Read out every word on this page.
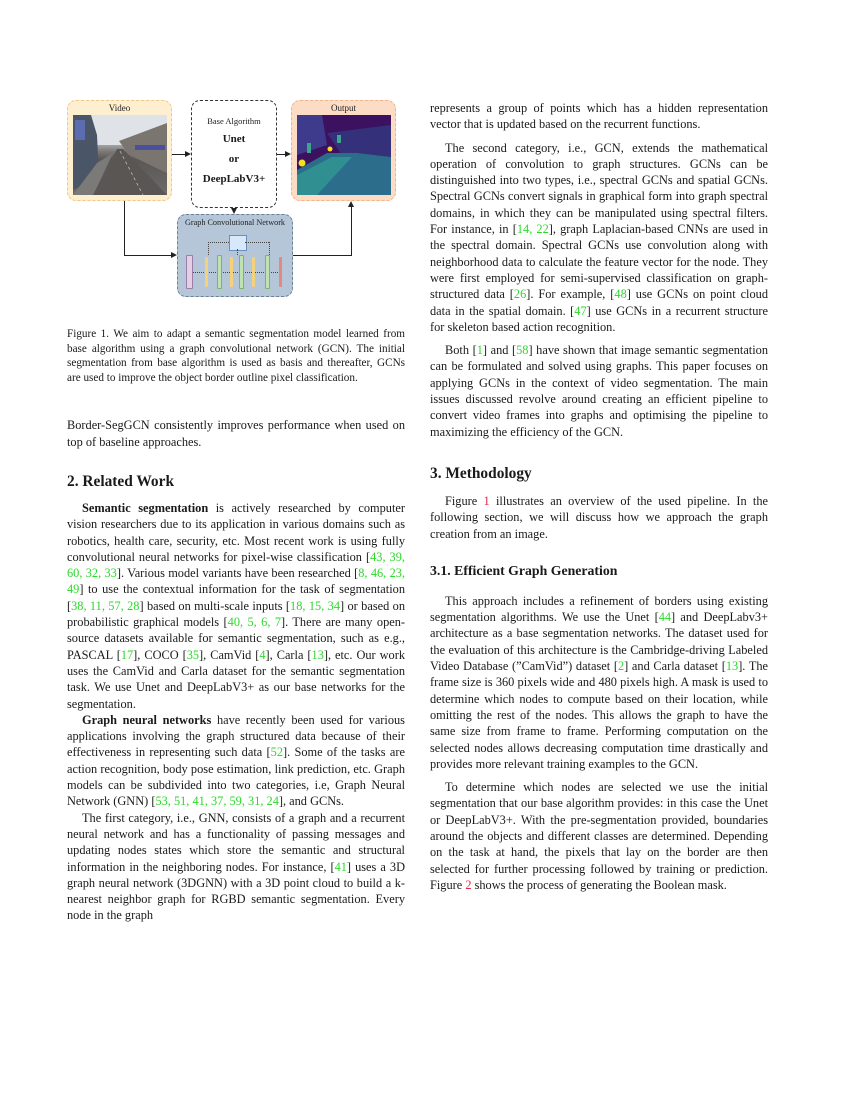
Video
Base Algorithm
Unet
or
DeepLabV3+
Output
Graph Convolutional Network

Figure 1. We aim to adapt a semantic segmentation model learned from base algorithm using a graph convolutional network (GCN). The initial segmentation from base algorithm is used as basis and thereafter, GCNs are used to improve the object border outline pixel classification.

Border-SegGCN consistently improves performance when used on top of baseline approaches.

2. Related Work

Semantic segmentation is actively researched by computer vision researchers due to its application in various domains such as robotics, health care, security, etc. Most recent work is using fully convolutional neural networks for pixel-wise classification [43, 39, 60, 32, 33]. Various model variants have been researched [8, 46, 23, 49] to use the contextual information for the task of segmentation [38, 11, 57, 28] based on multi-scale inputs [18, 15, 34] or based on probabilistic graphical models [40, 5, 6, 7]. There are many open-source datasets available for semantic segmentation, such as e.g., PASCAL [17], COCO [35], CamVid [4], Carla [13], etc. Our work uses the CamVid and Carla dataset for the semantic segmentation task. We use Unet and DeepLabV3+ as our base networks for the segmentation.

Graph neural networks have recently been used for various applications involving the graph structured data because of their effectiveness in representing such data [52]. Some of the tasks are action recognition, body pose estimation, link prediction, etc. Graph models can be subdivided into two categories, i.e, Graph Neural Network (GNN) [53, 51, 41, 37, 59, 31, 24], and GCNs.

The first category, i.e., GNN, consists of a graph and a recurrent neural network and has a functionality of passing messages and updating nodes states which store the semantic and structural information in the neighboring nodes. For instance, [41] uses a 3D graph neural network (3DGNN) with a 3D point cloud to build a k-nearest neighbor graph for RGBD semantic segmentation. Every node in the graph

represents a group of points which has a hidden representation vector that is updated based on the recurrent functions.

The second category, i.e., GCN, extends the mathematical operation of convolution to graph structures. GCNs can be distinguished into two types, i.e., spectral GCNs and spatial GCNs. Spectral GCNs convert signals in graphical form into graph spectral domains, in which they can be manipulated using spectral filters. For instance, in [14, 22], graph Laplacian-based CNNs are used in the spectral domain. Spectral GCNs use convolution along with neighborhood data to calculate the feature vector for the node. They were first employed for semi-supervised classification on graph-structured data [26]. For example, [48] use GCNs on point cloud data in the spatial domain. [47] use GCNs in a recurrent structure for skeleton based action recognition.

Both [1] and [58] have shown that image semantic segmentation can be formulated and solved using graphs. This paper focuses on applying GCNs in the context of video segmentation. The main issues discussed revolve around creating an efficient pipeline to convert video frames into graphs and optimising the pipeline to maximizing the efficiency of the GCN.

3. Methodology

Figure 1 illustrates an overview of the used pipeline. In the following section, we will discuss how we approach the graph creation from an image.

3.1. Efficient Graph Generation

This approach includes a refinement of borders using existing segmentation algorithms. We use the Unet [44] and DeepLabv3+ architecture as a base segmentation networks. The dataset used for the evaluation of this architecture is the Cambridge-driving Labeled Video Database (”CamVid”) dataset [2] and Carla dataset [13]. The frame size is 360 pixels wide and 480 pixels high. A mask is used to determine which nodes to compute based on their location, while omitting the rest of the nodes. This allows the graph to have the same size from frame to frame. Performing computation on the selected nodes allows decreasing computation time drastically and provides more relevant training examples to the GCN.

To determine which nodes are selected we use the initial segmentation that our base algorithm provides: in this case the Unet or DeepLabV3+. With the pre-segmentation provided, boundaries around the objects and different classes are determined. Depending on the task at hand, the pixels that lay on the border are then selected for further processing followed by training or prediction. Figure 2 shows the process of generating the Boolean mask.
